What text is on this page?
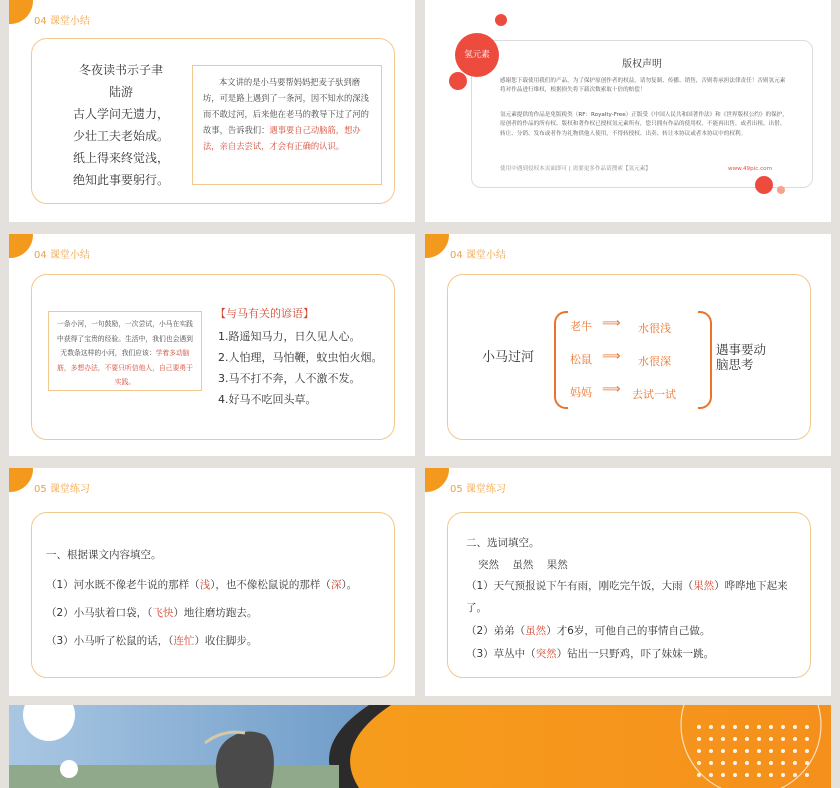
04 课堂小结
冬夜读书示子聿
陆游
古人学问无遗力，
少壮工夫老始成。
纸上得来终觉浅，
绝知此事要躬行。
本文讲的是小马要帮妈妈把麦子驮到磨坊，可是路上遇到了一条河，因不知水的深浅而不敢过河，后来他在老马的教导下过了河的故事，告诉我们：遇事要自己动脑筋，想办法，亲自去尝试，才会有正确的认识。
版权声明
感谢您下载使用我们的产品，为了保护原创作者的权益，请勿复制、传播、销售，否则将承担法律责任！否则氢元素将对作品进行维权，根据损失将下载次数索取十倍的赔偿！
氢元素提供的作品是免版税类（RF：Royalty-Free）正版受《中国人民共和国著作法》和《世界版权公约》的保护，原创者的作品的所有权、版权和著作权已授权氢元素所有，您只拥有作品的使用权，不能再出售，或者出租、出借、转让、分销、发布或者作为礼物供他人使用，不得转授权、出卖、转让本协议或者本协议中的权利。
使用中遇到侵权本页面即可 | 需要更多作品请搜索【氢元素】	www.49pic.com
氢元素
04 课堂小结
一条小河，一句鼓励，一次尝试，小马在实践中获得了宝贵的经验。生活中，我们也会遇到无数条这样的小河，我们应该：学着多动脑筋，多想办法，不要只听信他人，自己要勇于实践。
【与马有关的谚语】
1.路遥知马力，日久见人心。
2.人怕理，马怕鞭，蚊虫怕火烟。
3.马不打不奔，人不激不发。
4.好马不吃回头草。
04 课堂小结
小马过河
老牛 ⟹ 水很浅
松鼠 ⟹ 水很深
妈妈 ⟹ 去试一试
遇事要动脑思考
05 课堂练习
一、根据课文内容填空。
（1）河水既不像老牛说的那样（浅），也不像松鼠说的那样（深）。
（2）小马驮着口袋，（飞快）地往磨坊跑去。
（3）小马听了松鼠的话，（连忙）收住脚步。
05 课堂练习
二、选词填空。
突然    虽然    果然
（1）天气预报说下午有雨，刚吃完午饭，大雨（果然）哗哗地下起来了。
（2）弟弟（虽然）才6岁，可他自己的事情自己做。
（3）草丛中（突然）钻出一只野鸡，吓了妹妹一跳。
